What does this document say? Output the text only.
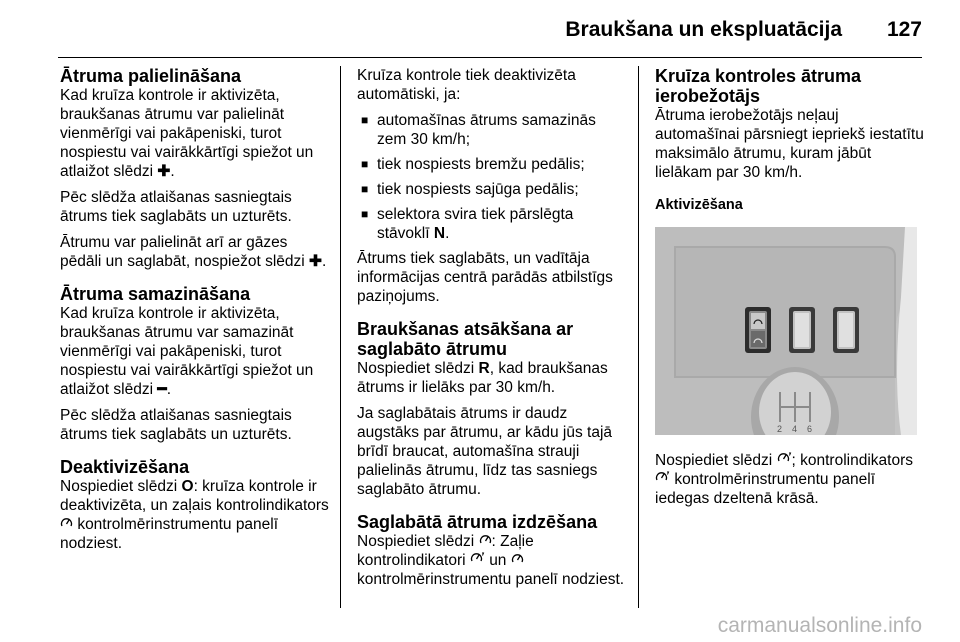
Braukšana un ekspluatācija 127
Ātruma palielināšana

Kad kruīza kontrole ir aktivizēta, braukšanas ātrumu var palielināt vienmērīgi vai pakāpeniski, turot nospiestu vai vairākkārtīgi spiežot un atlaižot slēdzi ✚.

Pēc slēdža atlaišanas sasniegtais ātrums tiek saglabāts un uzturēts.

Ātrumu var palielināt arī ar gāzes pēdāli un saglabāt, nospiežot slēdzi ✚.

Ātruma samazināšana

Kad kruīza kontrole ir aktivizēta, braukšanas ātrumu var samazināt vienmērīgi vai pakāpeniski, turot nospiestu vai vairākkārtīgi spiežot un atlaižot slēdzi ━.

Pēc slēdža atlaišanas sasniegtais ātrums tiek saglabāts un uzturēts.

Deaktivizēšana

Nospiediet slēdzi O: kruīza kontrole ir deaktivizēta, un zaļais kontrolindikators  kontrolmērinstrumentu panelī nodziest.

Kruīza kontrole tiek deaktivizēta automātiski, ja:

■ automašīnas ātrums samazinās zem 30 km/h;
■ tiek nospiests bremžu pedālis;
■ tiek nospiests sajūga pedālis;
■ selektora svira tiek pārslēgta stāvoklī N.

Ātrums tiek saglabāts, un vadītāja informācijas centrā parādās atbilstīgs paziņojums.

Braukšanas atsākšana ar saglabāto ātrumu

Nospiediet slēdzi R, kad braukšanas ātrums ir lielāks par 30 km/h.

Ja saglabātais ātrums ir daudz augstāks par ātrumu, ar kādu jūs tajā brīdī braucat, automašīna strauji palielinās ātrumu, līdz tas sasniegs saglabāto ātrumu.

Saglabātā ātruma izdzēšana

Nospiediet slēdzi : Zaļie kontrolindikatori un  kontrolmērinstrumentu panelī nodziest.

Kruīza kontroles ātruma ierobežotājs

Ātruma ierobežotājs neļauj automašīnai pārsniegt iepriekš iestatītu maksimālo ātrumu, kuram jābūt lielākam par 30 km/h.

Aktivizēšana
2 4 6

Nospiediet slēdzi ; kontrolindikators  kontrolmērinstrumentu panelī iedegas dzeltenā krāsā.

carmanualsonline.info
